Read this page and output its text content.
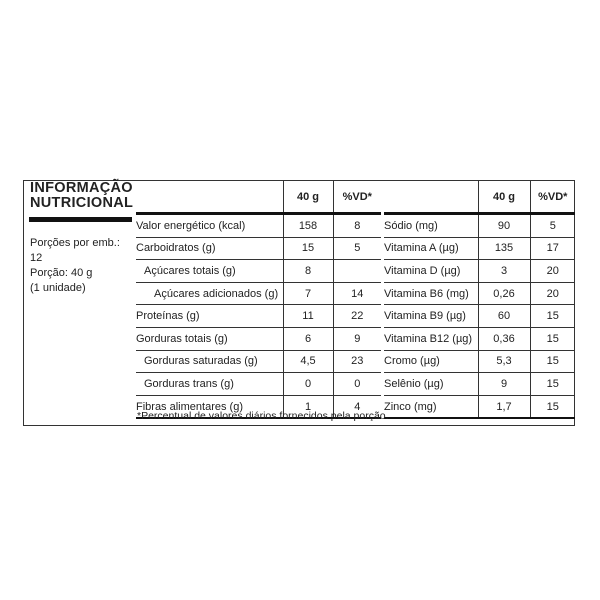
INFORMAÇÃO
NUTRICIONAL
Porções por emb.:
12
Porção: 40 g
(1 unidade)
	40 g	%VD*
Valor energético (kcal)	158	8
Carboidratos (g)	15	5
Açúcares totais (g)	8	
Açúcares adicionados (g)	7	14
Proteínas (g)	11	22
Gorduras totais (g)	6	9
Gorduras saturadas (g)	4,5	23
Gorduras trans (g)	0	0
Fibras alimentares (g)	1	4
	40 g	%VD*
Sódio (mg)	90	5
Vitamina A (µg)	135	17
Vitamina D (µg)	3	20
Vitamina B6 (mg)	0,26	20
Vitamina B9 (µg)	60	15
Vitamina B12 (µg)	0,36	15
Cromo (µg)	5,3	15
Selênio (µg)	9	15
Zinco (mg)	1,7	15
*Percentual de valores diários fornecidos pela porção.
